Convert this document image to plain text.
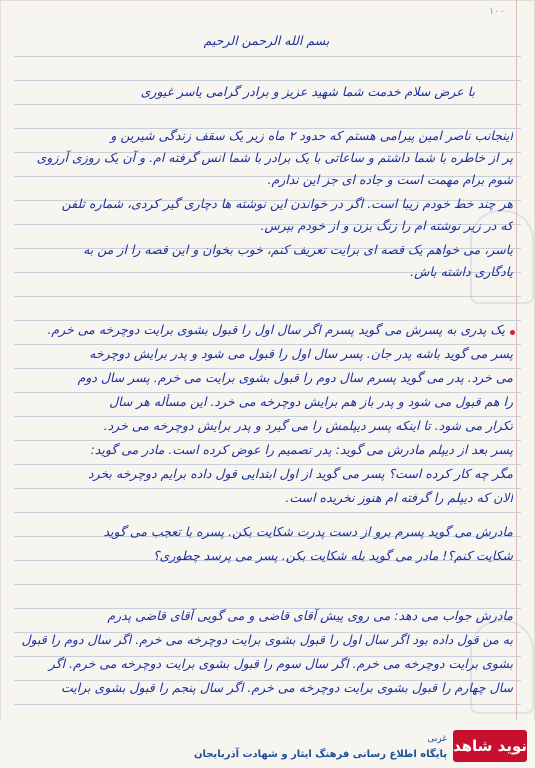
۱۰۰
بسم الله الرحمن الرحیم
با عرض سلام خدمت شما شهید عزیز و برادر گرامی یاسر غیوری
اینجانب ناصر امین پیرامی هستم که حدود ۲ ماه زیر یک سقف زندگی شیرین و
پر از خاطره با شما داشتم و ساعاتی با یک برادر با شما انس گرفته ام. و آن یک روزی آرزوی
شوم برام مهمت است و جاده ای جز این ندارم.
هر چند خط خودم زیبا است. اگر در خواندن این نوشته ها دچاری گیر کردی، شماره تلفن
که در زیر نوشته ام را زنگ بزن و از خودم بپرس.
یاسر، می خواهم یک قصه ای برایت تعریف کنم، خوب بخوان و این قصه را از من به
یادگاری داشته باش.
یک پدری به پسرش می گوید پسرم اگر سال اول را قبول بشوی برایت دوچرخه می خرم.
پسر می گوید باشه پدر جان. پسر سال اول را قبول می شود و پدر برایش دوچرخه
می خرد. پدر می گوید پسرم سال دوم را قبول بشوی برایت می خرم. پسر سال دوم
را هم قبول می شود و پدر باز هم برایش دوچرخه می خرد. این مسأله هر سال
تکرار می شود. تا اینکه پسر دیپلمش را می گیرد و پدر برایش دوچرخه می خرد.
پسر بعد از دیپلم مادرش می گوید: پدر تصمیم را عوض کرده است. مادر می گوید:
مگر چه کار کرده است؟ پسر می گوید از اول ابتدایی قول داده برایم دوچرخه بخرد
الان که دیپلم را گرفته ام هنوز نخریده است.
مادرش می گوید پسرم برو از دست پدرت شکایت بکن. پسره با تعجب می گوید
شکایت کنم؟! مادر می گوید بله شکایت بکن. پسر می پرسد چطوری؟
مادرش جواب می دهد: می روی پیش آقای قاضی و می گویی آقای قاضی پدرم
به من قول داده بود اگر سال اول را قبول بشوی برایت دوچرخه می خرم. اگر سال دوم را قبول
بشوی برایت دوچرخه می خرم. اگر سال سوم را قبول بشوی برایت دوچرخه می خرم. اگر
سال چهارم را قبول بشوی برایت دوچرخه می خرم. اگر سال پنجم را قبول بشوی برایت
غربی
پایگاه اطلاع رسانی فرهنگ ایثار و شهادت آذربایجان نوید شاهد
